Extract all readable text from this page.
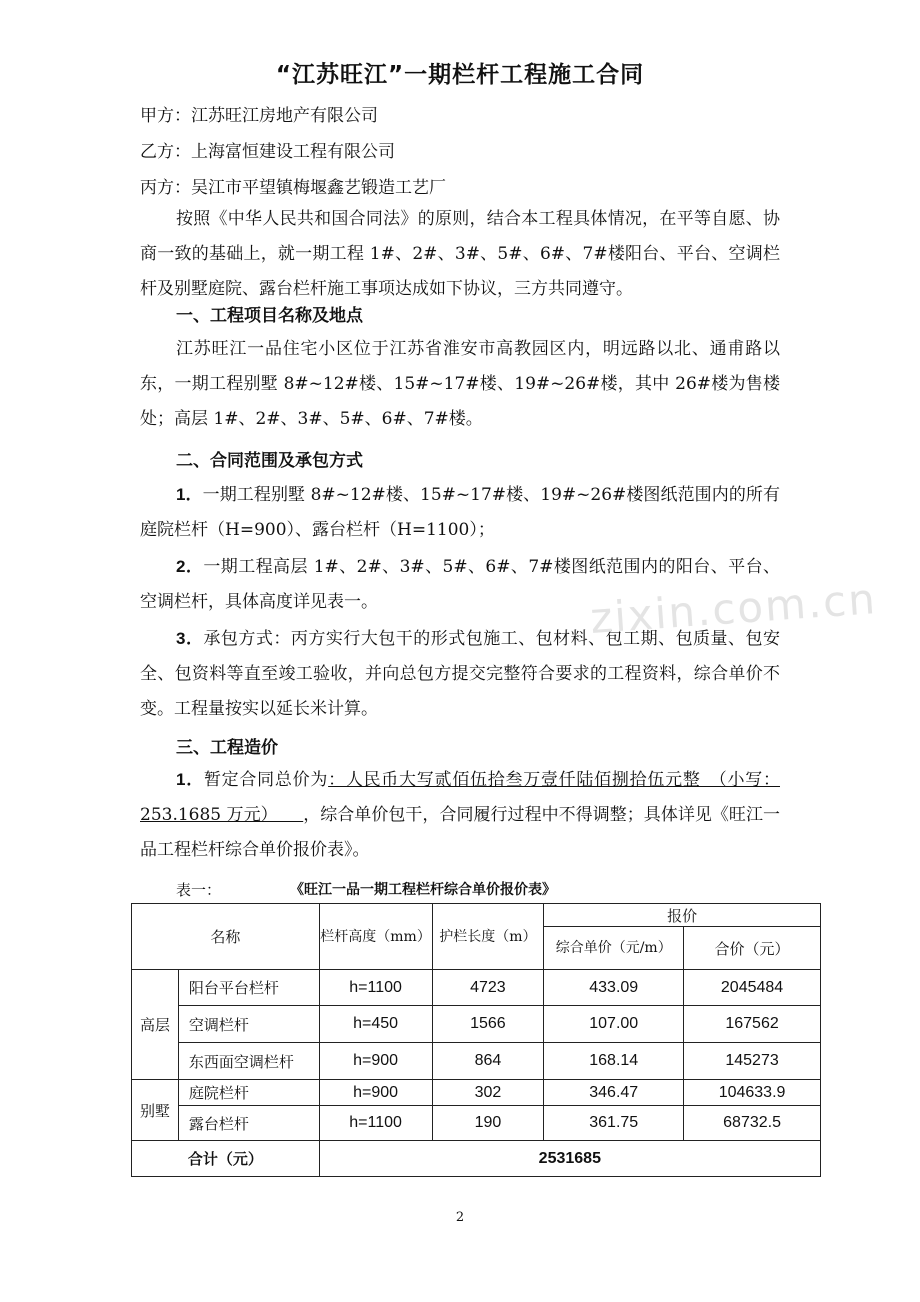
“江苏旺江”一期栏杆工程施工合同
甲方：江苏旺江房地产有限公司
乙方：上海富恒建设工程有限公司
丙方：吴江市平望镇梅堰鑫艺锻造工艺厂

按照《中华人民共和国合同法》的原则，结合本工程具体情况，在平等自愿、协商一致的基础上，就一期工程 1#、2#、3#、5#、6#、7#楼阳台、平台、空调栏杆及别墅庭院、露台栏杆施工事项达成如下协议，三方共同遵守。

一、工程项目名称及地点

江苏旺江一品住宅小区位于江苏省淮安市高教园区内，明远路以北、通甫路以东，一期工程别墅 8#~12#楼、15#~17#楼、19#~26#楼，其中 26#楼为售楼处；高层 1#、2#、3#、5#、6#、7#楼。

二、合同范围及承包方式

1．一期工程别墅 8#~12#楼、15#~17#楼、19#~26#楼图纸范围内的所有庭院栏杆（H=900）、露台栏杆（H=1100）；

2．一期工程高层 1#、2#、3#、5#、6#、7#楼图纸范围内的阳台、平台、空调栏杆，具体高度详见表一。

3．承包方式：丙方实行大包干的形式包施工、包材料、包工期、包质量、包安全、包资料等直至竣工验收，并向总包方提交完整符合要求的工程资料，综合单价不变。工程量按实以延长米计算。

zixin.com.cn
三、工程造价

1．暂定合同总价为：人民币大写贰佰伍拾叁万壹仟陆佰捌拾伍元整　（小写：253.1685 万元）　　，综合单价包干，合同履行过程中不得调整；具体详见《旺江一品工程栏杆综合单价报价表》。

表一：	《旺江一品一期工程栏杆综合单价报价表》
名称		栏杆高度（mm）	护栏长度（m）	报价	
				综合单价（元/m）	合价（元）
高层	阳台平台栏杆	h=1100	4723	433.09	2045484
	空调栏杆	h=450	1566	107.00	167562
	东西面空调栏杆	h=900	864	168.14	145273
别墅	庭院栏杆	h=900	302	346.47	104633.9
	露台栏杆	h=1100	190	361.75	68732.5
合计（元）		2531685			
2
